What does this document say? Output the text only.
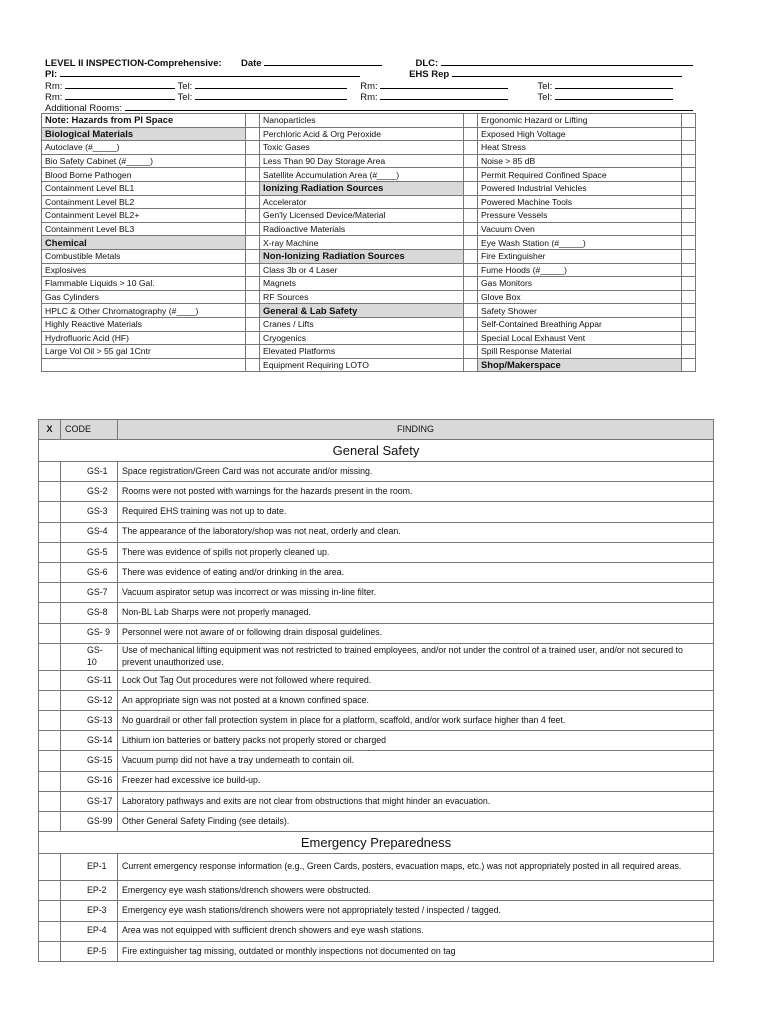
LEVEL II INSPECTION-Comprehensive: Date	DLC:
PI:	EHS Rep
Rm:	Tel:	Rm:	Tel:
Rm:	Tel:	Rm:	Tel:
Additional Rooms:
Note: Hazards from PI Space		Nanoparticles		Ergonomic Hazard or Lifting	
Biological Materials		Perchloric Acid & Org Peroxide		Exposed High Voltage	
Autoclave (#_____)		Toxic Gases		Heat Stress	
Bio Safety Cabinet (#_____)		Less Than 90 Day Storage Area		Noise > 85 dB	
Blood Borne Pathogen		Satellite Accumulation Area (#____)		Permit Required Confined Space	
Containment Level BL1		Ionizing Radiation Sources		Powered Industrial Vehicles	
Containment Level BL2		Accelerator		Powered Machine Tools	
Containment Level BL2+		Gen'ly Licensed Device/Material		Pressure Vessels	
Containment Level BL3		Radioactive Materials		Vacuum Oven	
Chemical		X-ray Machine		Eye Wash Station (#_____)	
Combustible Metals		Non-Ionizing Radiation Sources		Fire Extinguisher	
Explosives		Class 3b or 4 Laser		Fume Hoods (#_____)	
Flammable Liquids > 10 Gal.		Magnets		Gas Monitors	
Gas Cylinders		RF Sources		Glove Box	
HPLC & Other Chromatography (#____)		General & Lab Safety		Safety Shower	
Highly Reactive Materials		Cranes / Lifts		Self-Contained Breathing Appar	
Hydrofluoric Acid (HF)		Cryogenics		Special Local Exhaust Vent	
Large Vol Oil > 55 gal 1Cntr		Elevated Platforms		Spill Response Material	
		Equipment Requiring LOTO		Shop/Makerspace	
X	CODE	FINDING
General Safety		
	GS-1	Space registration/Green Card was not accurate and/or missing.
	GS-2	Rooms were not posted with warnings for the hazards present in the room.
	GS-3	Required EHS training was not up to date.
	GS-4	The appearance of the laboratory/shop was not neat, orderly and clean.
	GS-5	There was evidence of spills not properly cleaned up.
	GS-6	There was evidence of eating and/or drinking in the area.
	GS-7	Vacuum aspirator setup was incorrect or was missing in-line filter.
	GS-8	Non-BL Lab Sharps were not properly managed.
	GS- 9	Personnel were not aware of or following drain disposal guidelines.
	GS- 10	Use of mechanical lifting equipment was not restricted to trained employees, and/or not under the control of a trained user, and/or not secured to prevent unauthorized use.
	GS-11	Lock Out Tag Out procedures were not followed where required.
	GS-12	An appropriate sign was not posted at a known confined space.
	GS-13	No guardrail or other fall protection system in place for a platform, scaffold, and/or work surface higher than 4 feet.
	GS-14	Lithium ion batteries or battery packs not properly stored or charged
	GS-15	Vacuum pump did not have a tray underneath to contain oil.
	GS-16	Freezer had excessive ice build-up.
	GS-17	Laboratory pathways and exits are not clear from obstructions that might hinder an evacuation.
	GS-99	Other General Safety Finding (see details).
Emergency Preparedness		
	EP-1	Current emergency response information (e.g., Green Cards, posters, evacuation maps, etc.) was not appropriately posted in all required areas.
	EP-2	Emergency eye wash stations/drench showers were obstructed.
	EP-3	Emergency eye wash stations/drench showers were not appropriately tested / inspected / tagged.
	EP-4	Area was not equipped with sufficient drench showers and eye wash stations.
	EP-5	Fire extinguisher tag missing, outdated or monthly inspections not documented on tag
